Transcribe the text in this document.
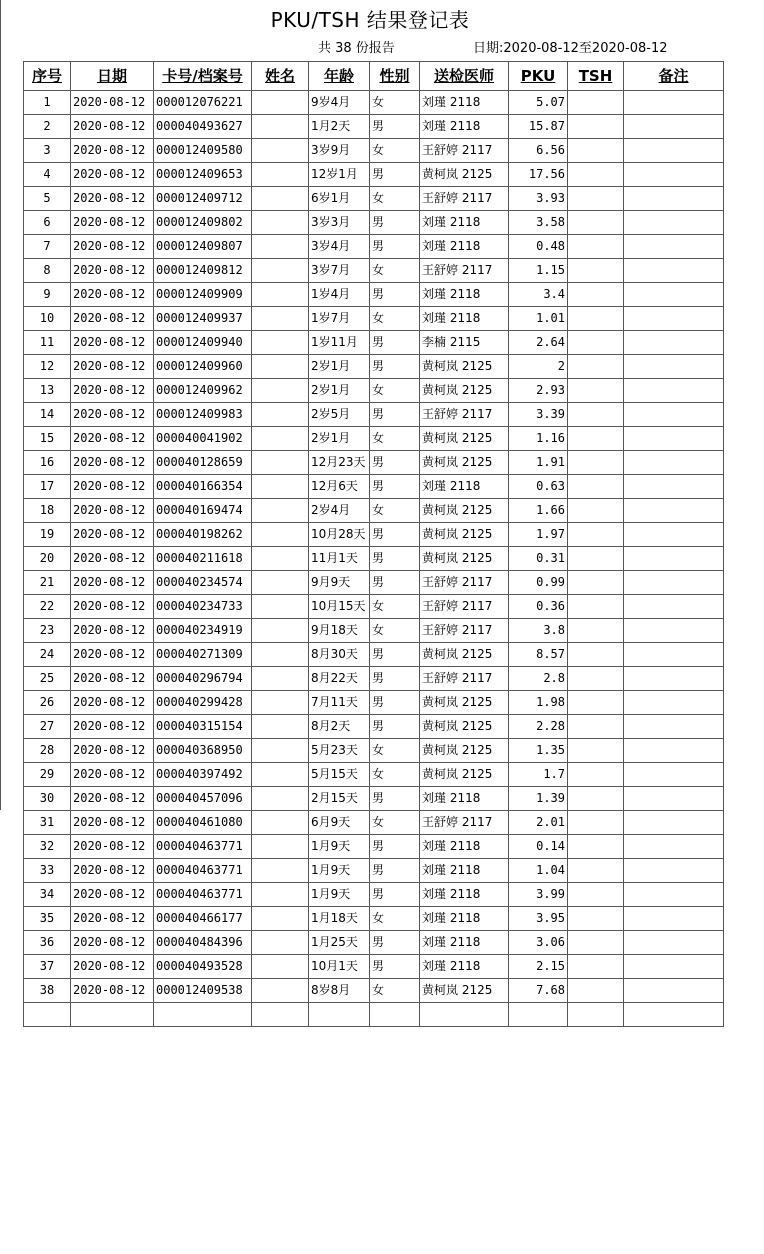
PKU/TSH 结果登记表
共 38 份报告	日期:2020-08-12至2020-08-12
序号	日期	卡号/档案号	姓名	年龄	性别	送检医师	PKU	TSH	备注
1	2020-08-12	000012076221		9岁4月	女	刘瑾 2118	5.07		
2	2020-08-12	000040493627		1月2天	男	刘瑾 2118	15.87		
3	2020-08-12	000012409580		3岁9月	女	王舒婷 2117	6.56		
4	2020-08-12	000012409653		12岁1月	男	黄柯岚 2125	17.56		
5	2020-08-12	000012409712		6岁1月	女	王舒婷 2117	3.93		
6	2020-08-12	000012409802		3岁3月	男	刘瑾 2118	3.58		
7	2020-08-12	000012409807		3岁4月	男	刘瑾 2118	0.48		
8	2020-08-12	000012409812		3岁7月	女	王舒婷 2117	1.15		
9	2020-08-12	000012409909		1岁4月	男	刘瑾 2118	3.4		
10	2020-08-12	000012409937		1岁7月	女	刘瑾 2118	1.01		
11	2020-08-12	000012409940		1岁11月	男	李楠 2115	2.64		
12	2020-08-12	000012409960		2岁1月	男	黄柯岚 2125	2		
13	2020-08-12	000012409962		2岁1月	女	黄柯岚 2125	2.93		
14	2020-08-12	000012409983		2岁5月	男	王舒婷 2117	3.39		
15	2020-08-12	000040041902		2岁1月	女	黄柯岚 2125	1.16		
16	2020-08-12	000040128659		12月23天	男	黄柯岚 2125	1.91		
17	2020-08-12	000040166354		12月6天	男	刘瑾 2118	0.63		
18	2020-08-12	000040169474		2岁4月	女	黄柯岚 2125	1.66		
19	2020-08-12	000040198262		10月28天	男	黄柯岚 2125	1.97		
20	2020-08-12	000040211618		11月1天	男	黄柯岚 2125	0.31		
21	2020-08-12	000040234574		9月9天	男	王舒婷 2117	0.99		
22	2020-08-12	000040234733		10月15天	女	王舒婷 2117	0.36		
23	2020-08-12	000040234919		9月18天	女	王舒婷 2117	3.8		
24	2020-08-12	000040271309		8月30天	男	黄柯岚 2125	8.57		
25	2020-08-12	000040296794		8月22天	男	王舒婷 2117	2.8		
26	2020-08-12	000040299428		7月11天	男	黄柯岚 2125	1.98		
27	2020-08-12	000040315154		8月2天	男	黄柯岚 2125	2.28		
28	2020-08-12	000040368950		5月23天	女	黄柯岚 2125	1.35		
29	2020-08-12	000040397492		5月15天	女	黄柯岚 2125	1.7		
30	2020-08-12	000040457096		2月15天	男	刘瑾 2118	1.39		
31	2020-08-12	000040461080		6月9天	女	王舒婷 2117	2.01		
32	2020-08-12	000040463771		1月9天	男	刘瑾 2118	0.14		
33	2020-08-12	000040463771		1月9天	男	刘瑾 2118	1.04		
34	2020-08-12	000040463771		1月9天	男	刘瑾 2118	3.99		
35	2020-08-12	000040466177		1月18天	女	刘瑾 2118	3.95		
36	2020-08-12	000040484396		1月25天	男	刘瑾 2118	3.06		
37	2020-08-12	000040493528		10月1天	男	刘瑾 2118	2.15		
38	2020-08-12	000012409538		8岁8月	女	黄柯岚 2125	7.68		
